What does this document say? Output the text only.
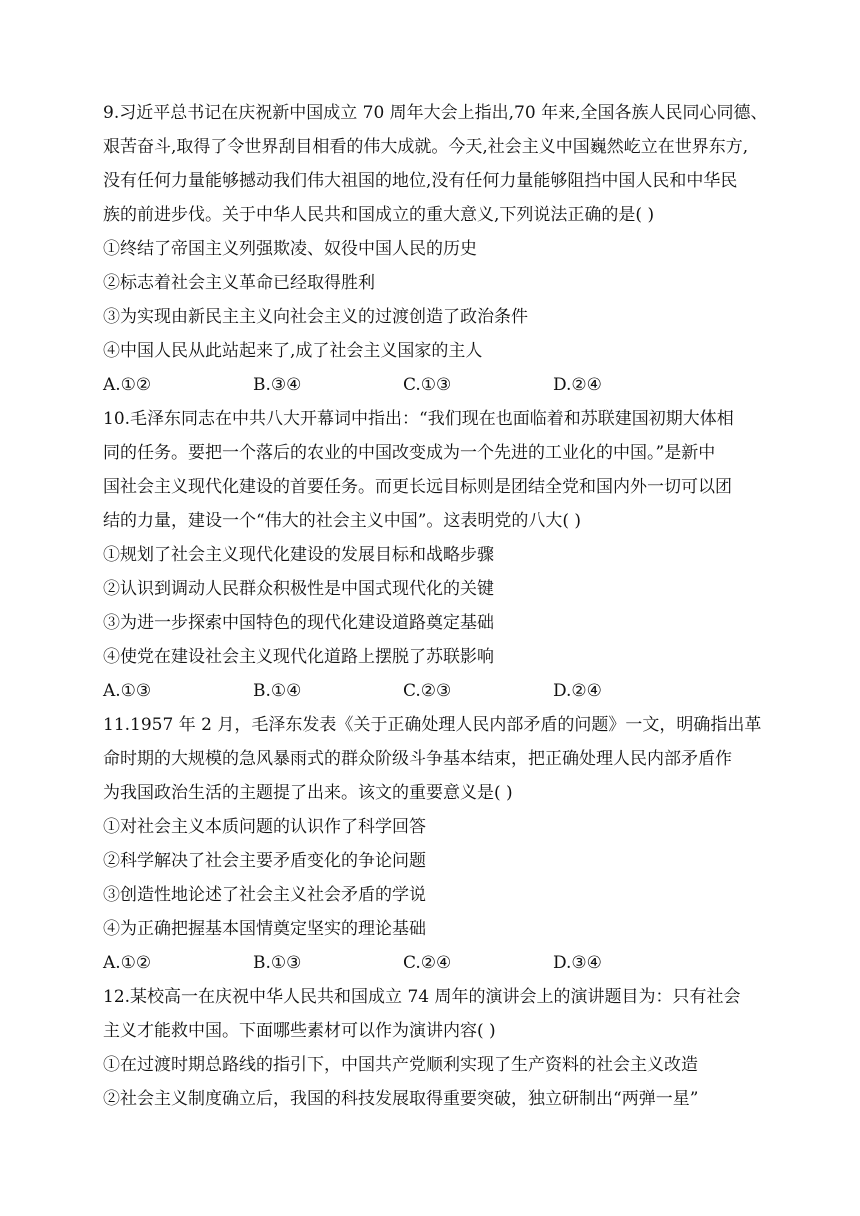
9.习近平总书记在庆祝新中国成立 70 周年大会上指出,70 年来,全国各族人民同心同德、
艰苦奋斗,取得了令世界刮目相看的伟大成就。今天,社会主义中国巍然屹立在世界东方,
没有任何力量能够撼动我们伟大祖国的地位,没有任何力量能够阻挡中国人民和中华民
族的前进步伐。关于中华人民共和国成立的重大意义,下列说法正确的是( )
①终结了帝国主义列强欺凌、奴役中国人民的历史
②标志着社会主义革命已经取得胜利
③为实现由新民主主义向社会主义的过渡创造了政治条件
④中国人民从此站起来了,成了社会主义国家的主人
A.①②	B.③④	C.①③	D.②④
10.毛泽东同志在中共八大开幕词中指出：“我们现在也面临着和苏联建国初期大体相
同的任务。要把一个落后的农业的中国改变成为一个先进的工业化的中国。”是新中
国社会主义现代化建设的首要任务。而更长远目标则是团结全党和国内外一切可以团
结的力量，建设一个“伟大的社会主义中国”。这表明党的八大( )
①规划了社会主义现代化建设的发展目标和战略步骤
②认识到调动人民群众积极性是中国式现代化的关键
③为进一步探索中国特色的现代化建设道路奠定基础
④使党在建设社会主义现代化道路上摆脱了苏联影响
A.①③	B.①④	C.②③	D.②④
11.1957 年 2 月，毛泽东发表《关于正确处理人民内部矛盾的问题》一文，明确指出革
命时期的大规模的急风暴雨式的群众阶级斗争基本结束，把正确处理人民内部矛盾作
为我国政治生活的主题提了出来。该文的重要意义是( )
①对社会主义本质问题的认识作了科学回答
②科学解决了社会主要矛盾变化的争论问题
③创造性地论述了社会主义社会矛盾的学说
④为正确把握基本国情奠定坚实的理论基础
A.①②	B.①③	C.②④	D.③④
12.某校高一在庆祝中华人民共和国成立 74 周年的演讲会上的演讲题目为：只有社会
主义才能救中国。下面哪些素材可以作为演讲内容( )
①在过渡时期总路线的指引下，中国共产党顺利实现了生产资料的社会主义改造
②社会主义制度确立后，我国的科技发展取得重要突破，独立研制出“两弹一星”
